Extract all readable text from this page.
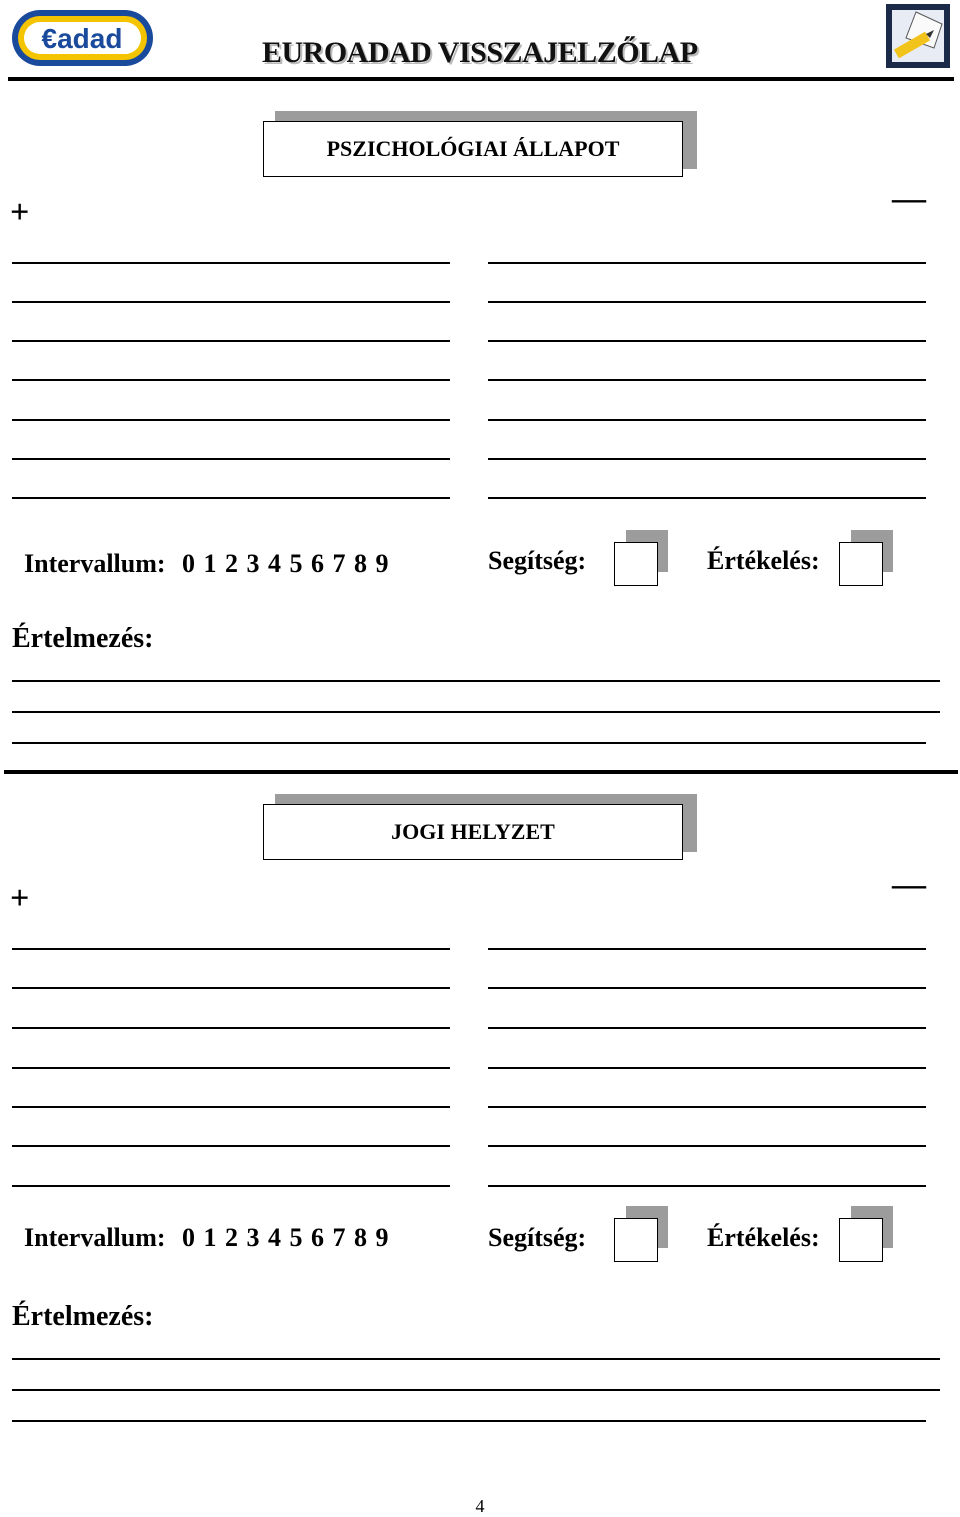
€adad	EUROADAD VISSZAJELZŐLAP
PSZICHOLÓGIAI ÁLLAPOT
+	—
Intervallum: 0 1 2 3 4 5 6 7 8 9	Segítség:	Értékelés:
Értelmezés:
JOGI HELYZET
+	—
Intervallum: 0 1 2 3 4 5 6 7 8 9	Segítség:	Értékelés:
Értelmezés:
4
